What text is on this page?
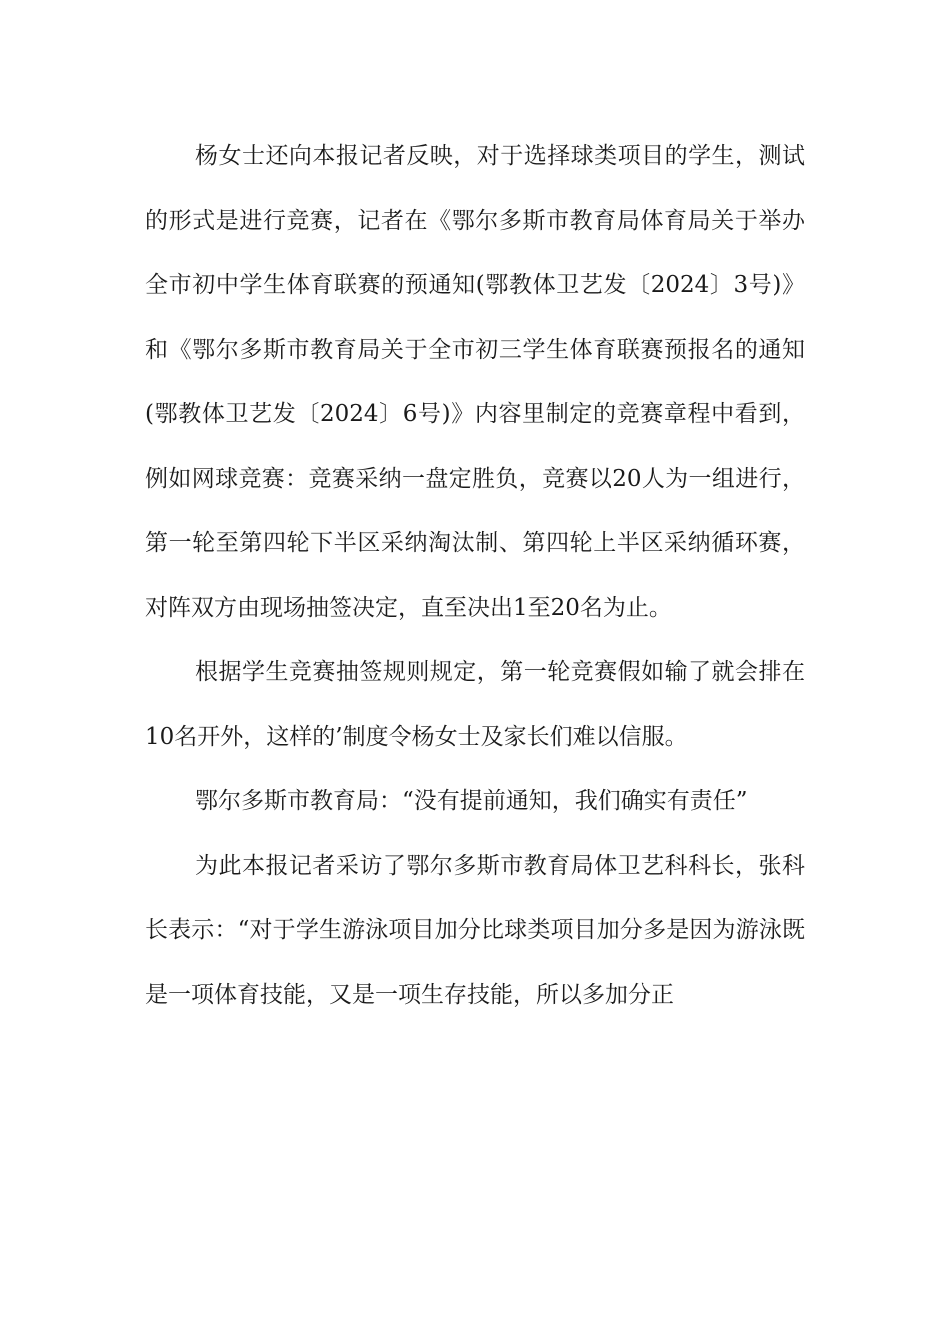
杨女士还向本报记者反映，对于选择球类项目的学生，测试的形式是进行竞赛，记者在《鄂尔多斯市教育局体育局关于举办全市初中学生体育联赛的预通知(鄂教体卫艺发〔2024〕3号)》和《鄂尔多斯市教育局关于全市初三学生体育联赛预报名的通知(鄂教体卫艺发〔2024〕6号)》内容里制定的竞赛章程中看到，例如网球竞赛：竞赛采纳一盘定胜负，竞赛以20人为一组进行，第一轮至第四轮下半区采纳淘汰制、第四轮上半区采纳循环赛，对阵双方由现场抽签决定，直至决出1至20名为止。

根据学生竞赛抽签规则规定，第一轮竞赛假如输了就会排在10名开外，这样的’制度令杨女士及家长们难以信服。

鄂尔多斯市教育局：“没有提前通知，我们确实有责任”

为此本报记者采访了鄂尔多斯市教育局体卫艺科科长，张科长表示：“对于学生游泳项目加分比球类项目加分多是因为游泳既是一项体育技能，又是一项生存技能，所以多加分正
